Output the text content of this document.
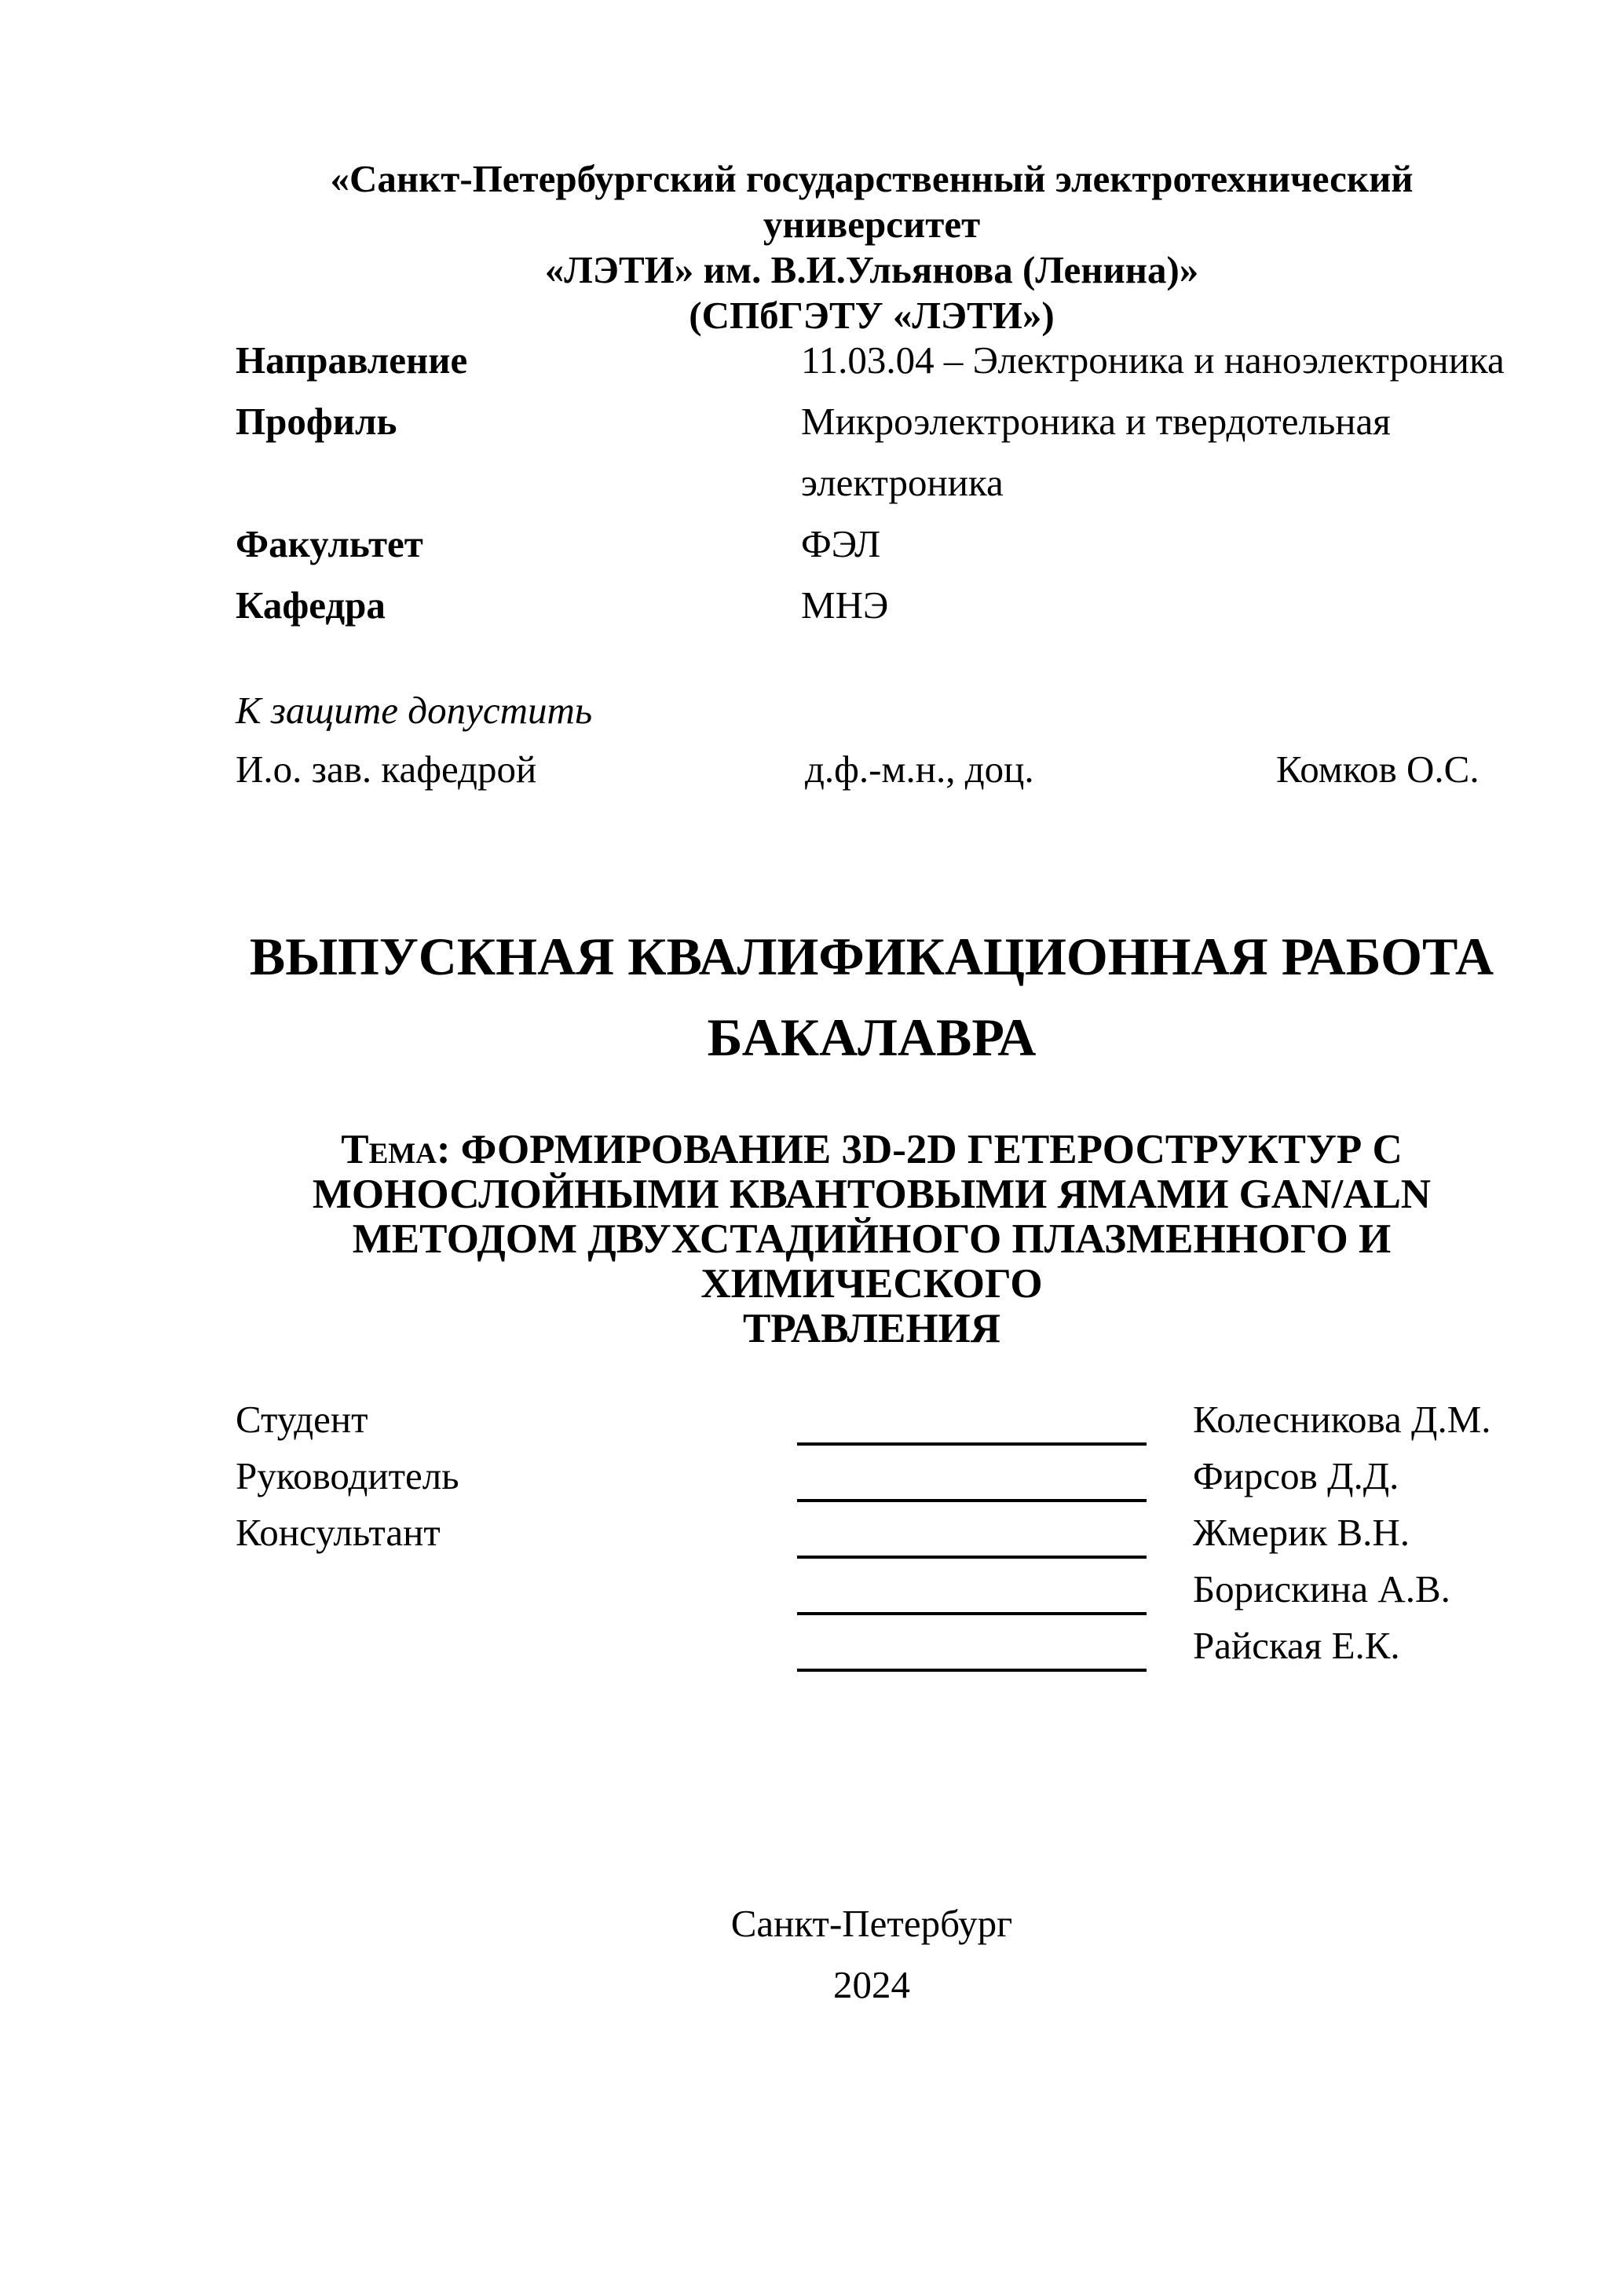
«Санкт-Петербургский государственный электротехнический университет
«ЛЭТИ» им. В.И.Ульянова (Ленина)»
(СПбГЭТУ «ЛЭТИ»)
Направление	11.03.04 – Электроника и наноэлектроника
Профиль	Микроэлектроника и твердотельная электроника
Факультет	ФЭЛ
Кафедра	МНЭ
К защите допустить
И.о. зав. кафедрой	д.ф.-м.н., доц.	Комков О.С.
ВЫПУСКНАЯ КВАЛИФИКАЦИОННАЯ РАБОТА
БАКАЛАВРА
Тема: ФОРМИРОВАНИЕ 3D-2D ГЕТЕРОСТРУКТУР С
МОНОСЛОЙНЫМИ КВАНТОВЫМИ ЯМАМИ GAN/ALN
МЕТОДОМ ДВУХСТАДИЙНОГО ПЛАЗМЕННОГО И
ХИМИЧЕСКОГО
ТРАВЛЕНИЯ
Студент	Колесникова Д.М.
Руководитель	Фирсов Д.Д.
Консультант	Жмерик В.Н.
Борискина А.В.
Райская Е.К.
Санкт-Петербург
2024
